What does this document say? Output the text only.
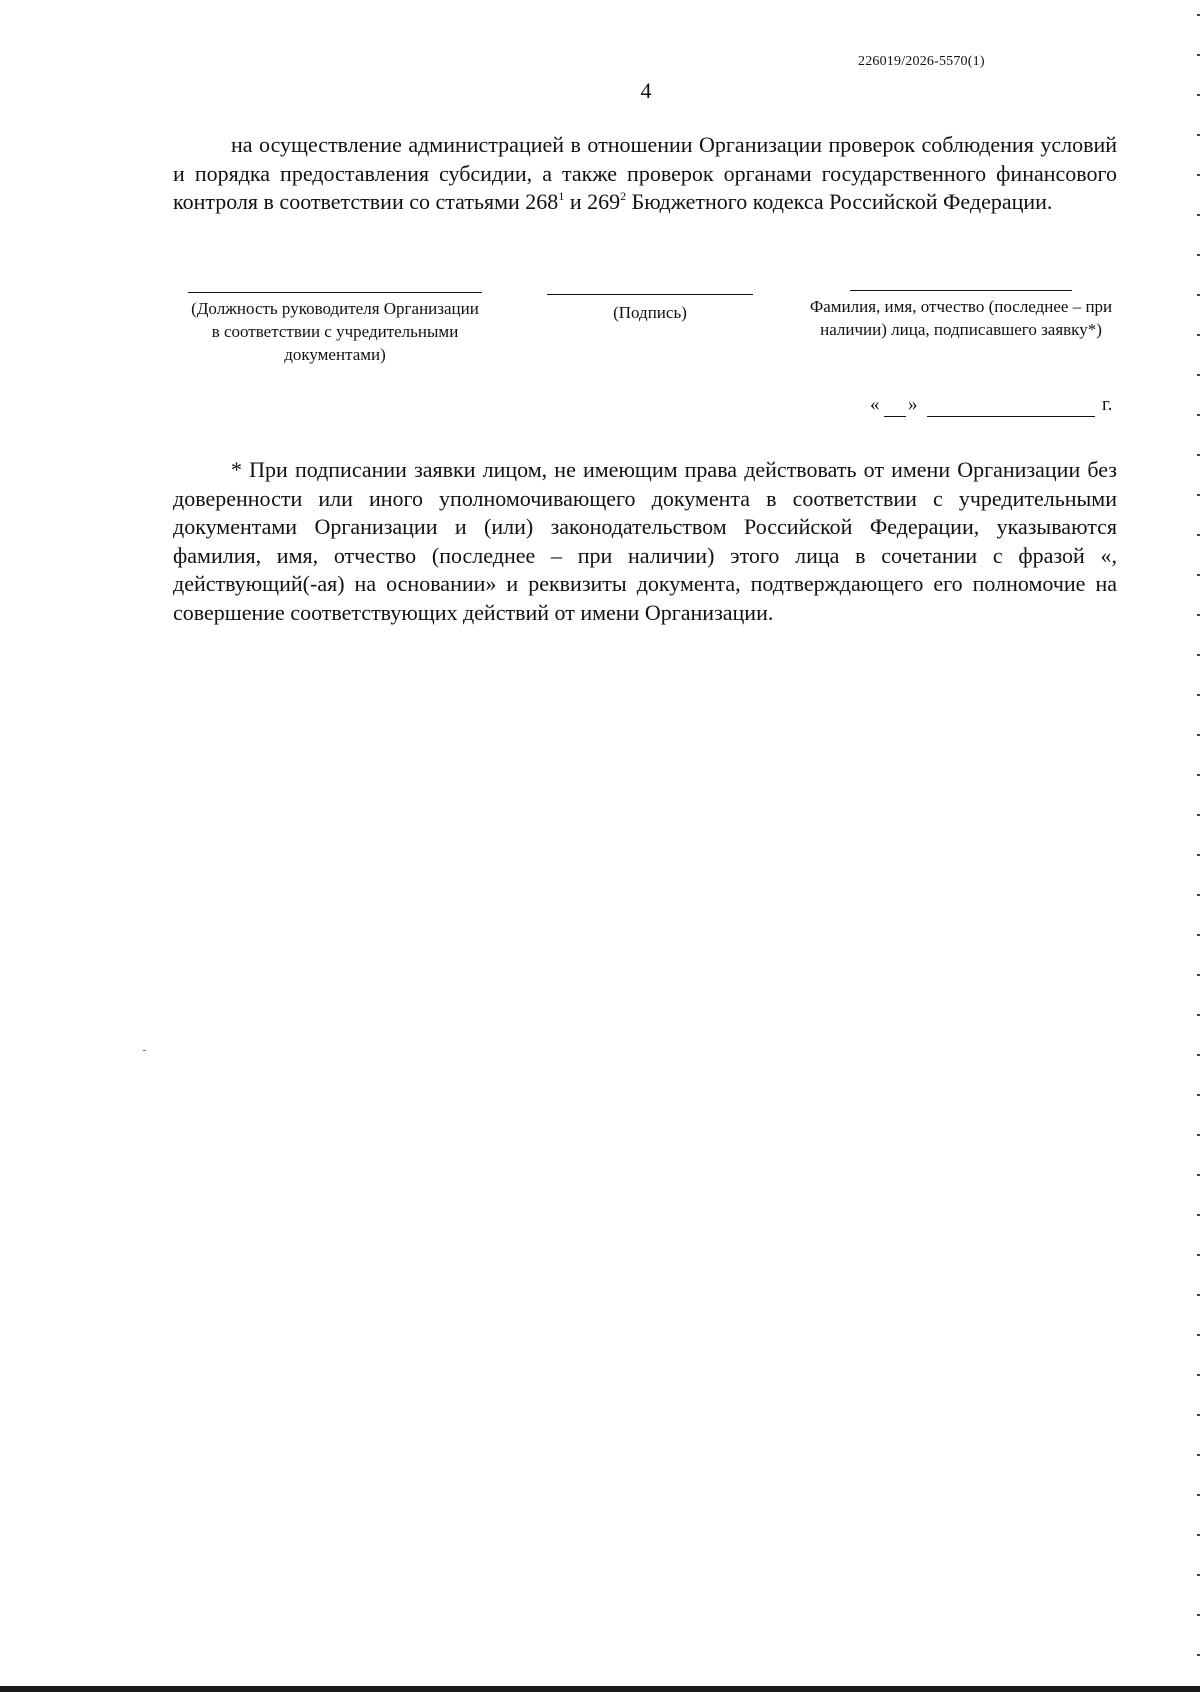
226019/2026-5570(1)
4

на осуществление администрацией в отношении Организации проверок соблюдения условий и порядка предоставления субсидии, а также проверок органами государственного финансового контроля в соответствии со статьями $268^1$ и $269^2$ Бюджетного кодекса Российской Федерации.

(Должность руководителя Организации в соответствии с учредительными документами)
(Подпись)	Фамилия, имя, отчество (последнее – при наличии) лица, подписавшего заявку*)
« »	г.

* При подписании заявки лицом, не имеющим права действовать от имени Организации без доверенности или иного уполномочивающего документа в соответствии с учредительными документами Организации и (или) законодательством Российской Федерации, указываются фамилия, имя, отчество (последнее – при наличии) этого лица в сочетании с фразой «, действующий(-ая) на основании» и реквизиты документа, подтверждающего его полномочие на совершение соответствующих действий от имени Организации.
